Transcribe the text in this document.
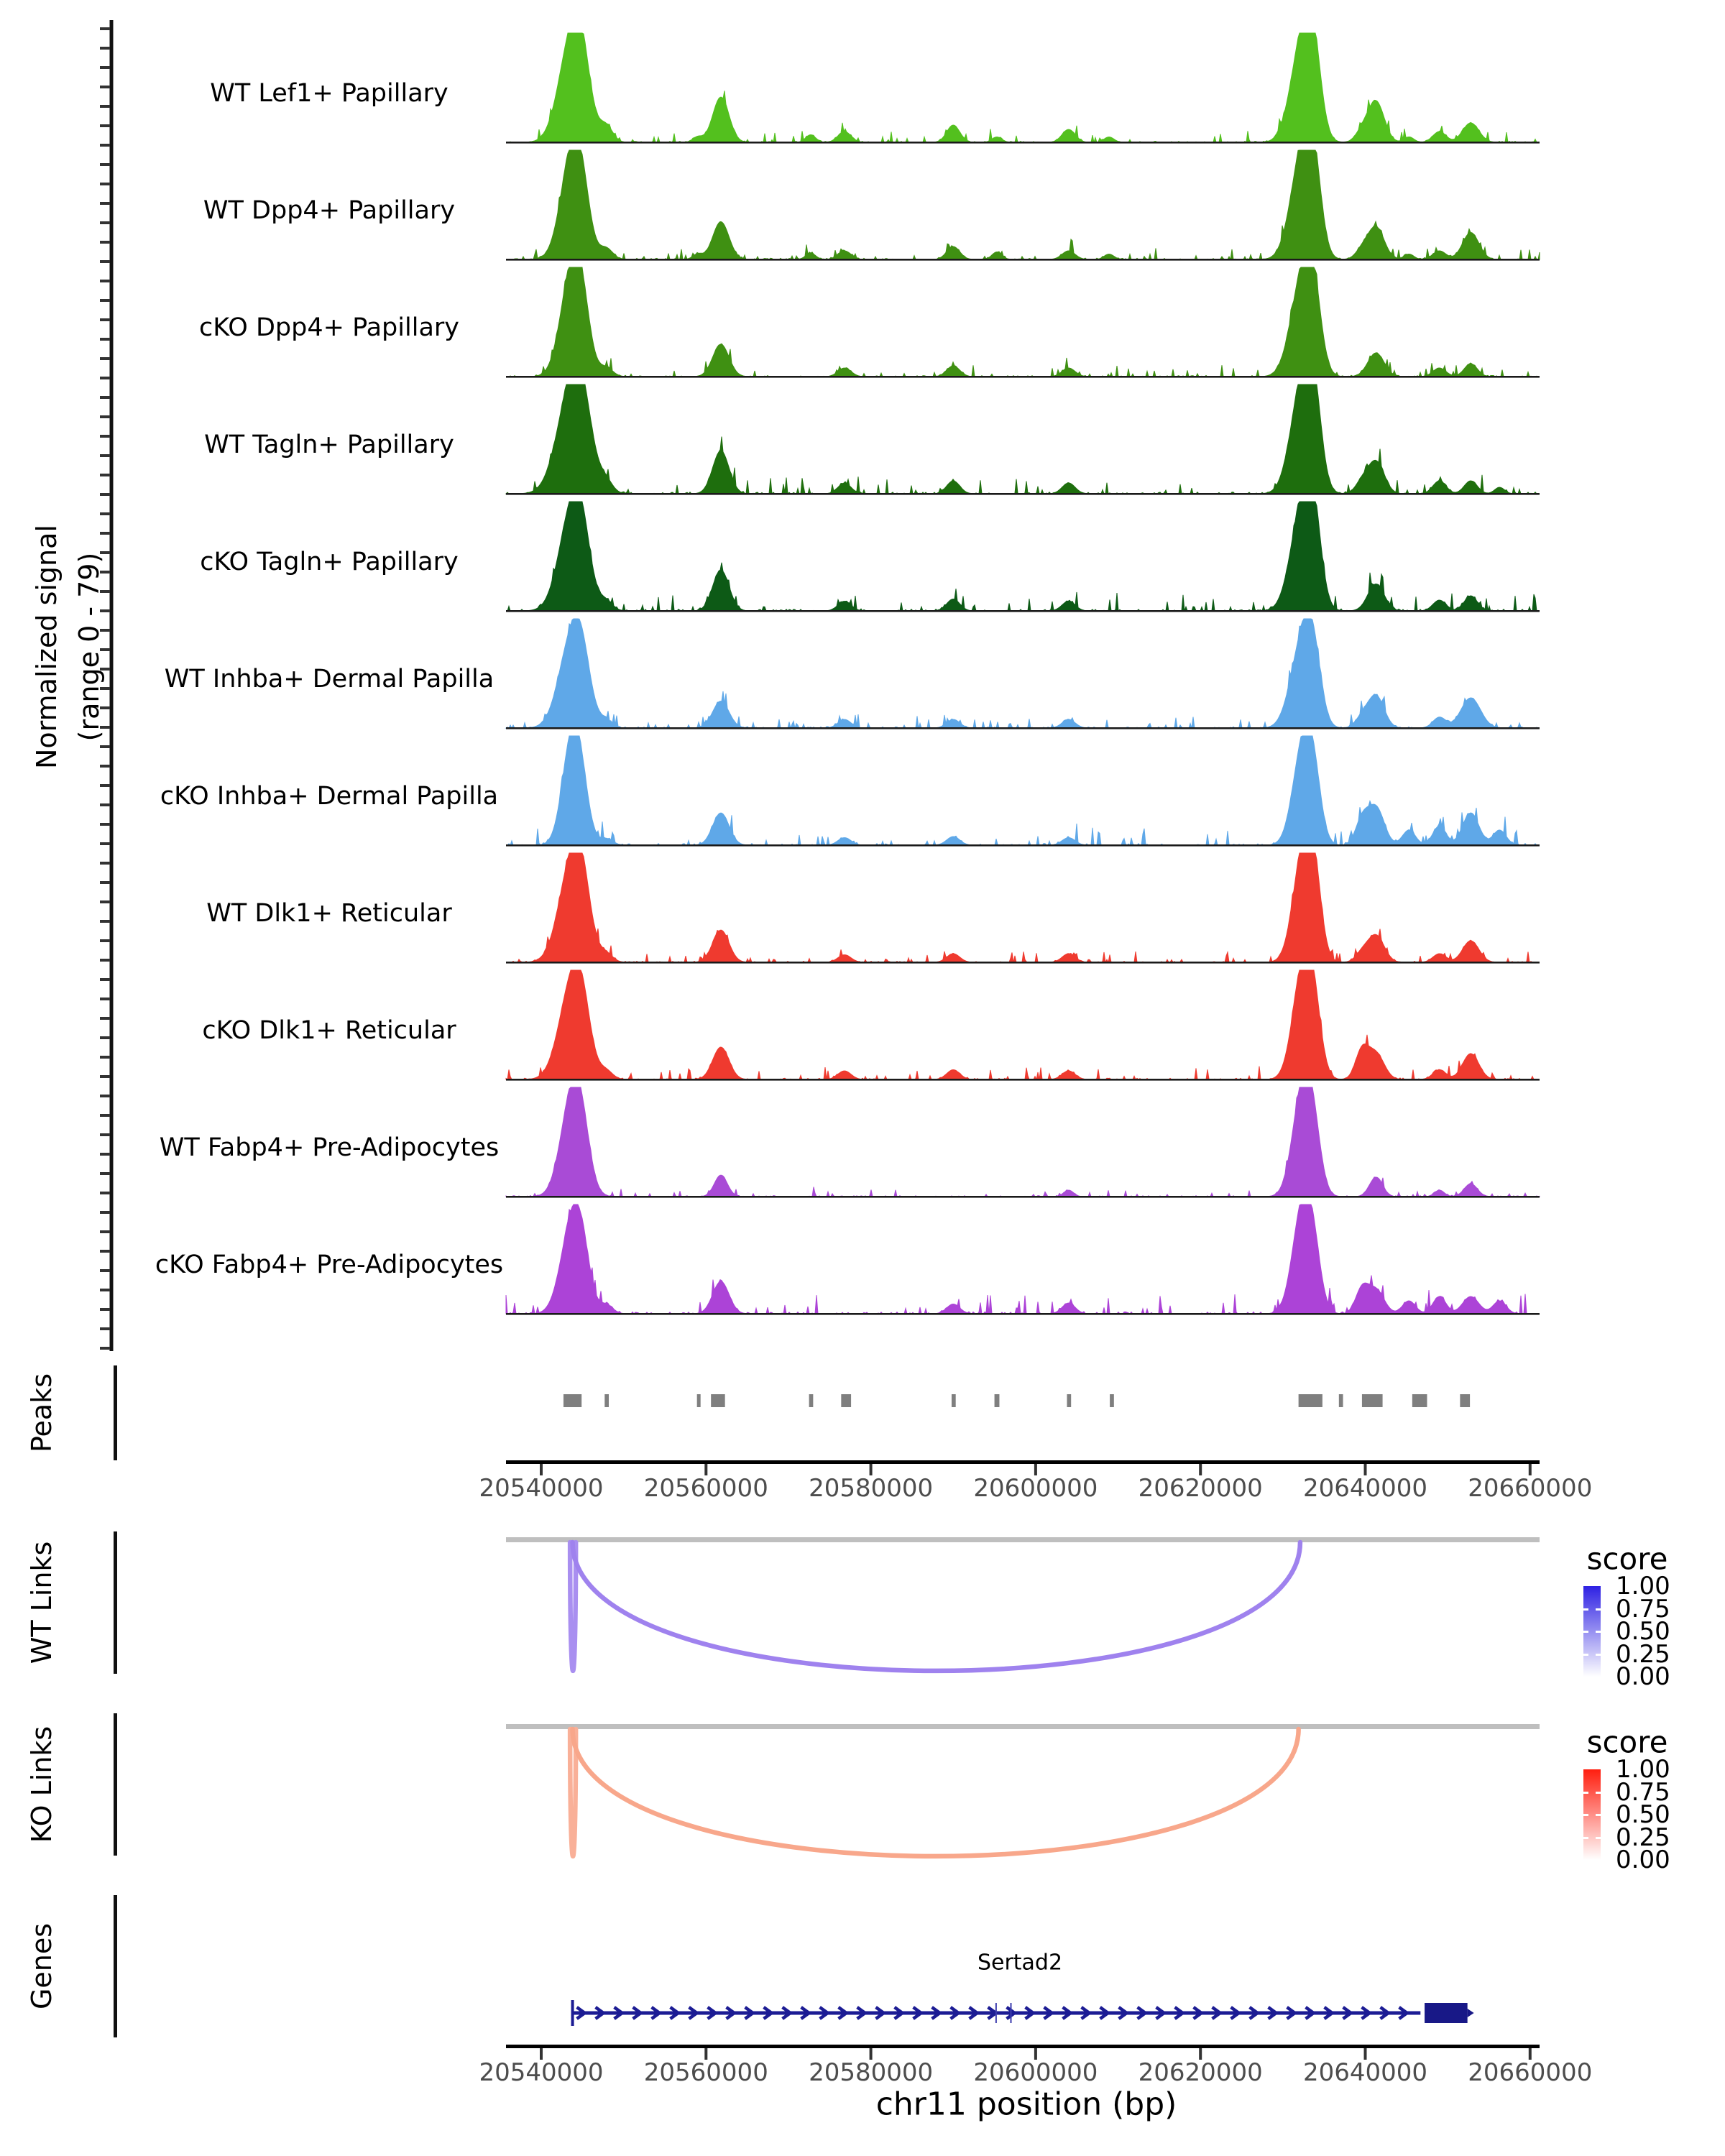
Normalized signal (range 0 - 79)
WT Lef1+ Papillary
WT Dpp4+ Papillary
cKO Dpp4+ Papillary
WT Tagln+ Papillary
cKO Tagln+ Papillary
WT Inhba+ Dermal Papilla
cKO Inhba+ Dermal Papilla
WT Dlk1+ Reticular
cKO Dlk1+ Reticular
WT Fabp4+ Pre-Adipocytes
cKO Fabp4+ Pre-Adipocytes
Peaks
WT Links
KO Links
Genes
20540000 20560000 20580000 20600000 20620000 20640000 20660000
20540000 20560000 20580000 20600000 20620000 20640000 20660000
score
1.00
0.75
0.50
0.25
0.00
score
1.00
0.75
0.50
0.25
0.00
Sertad2
chr11 position (bp)
